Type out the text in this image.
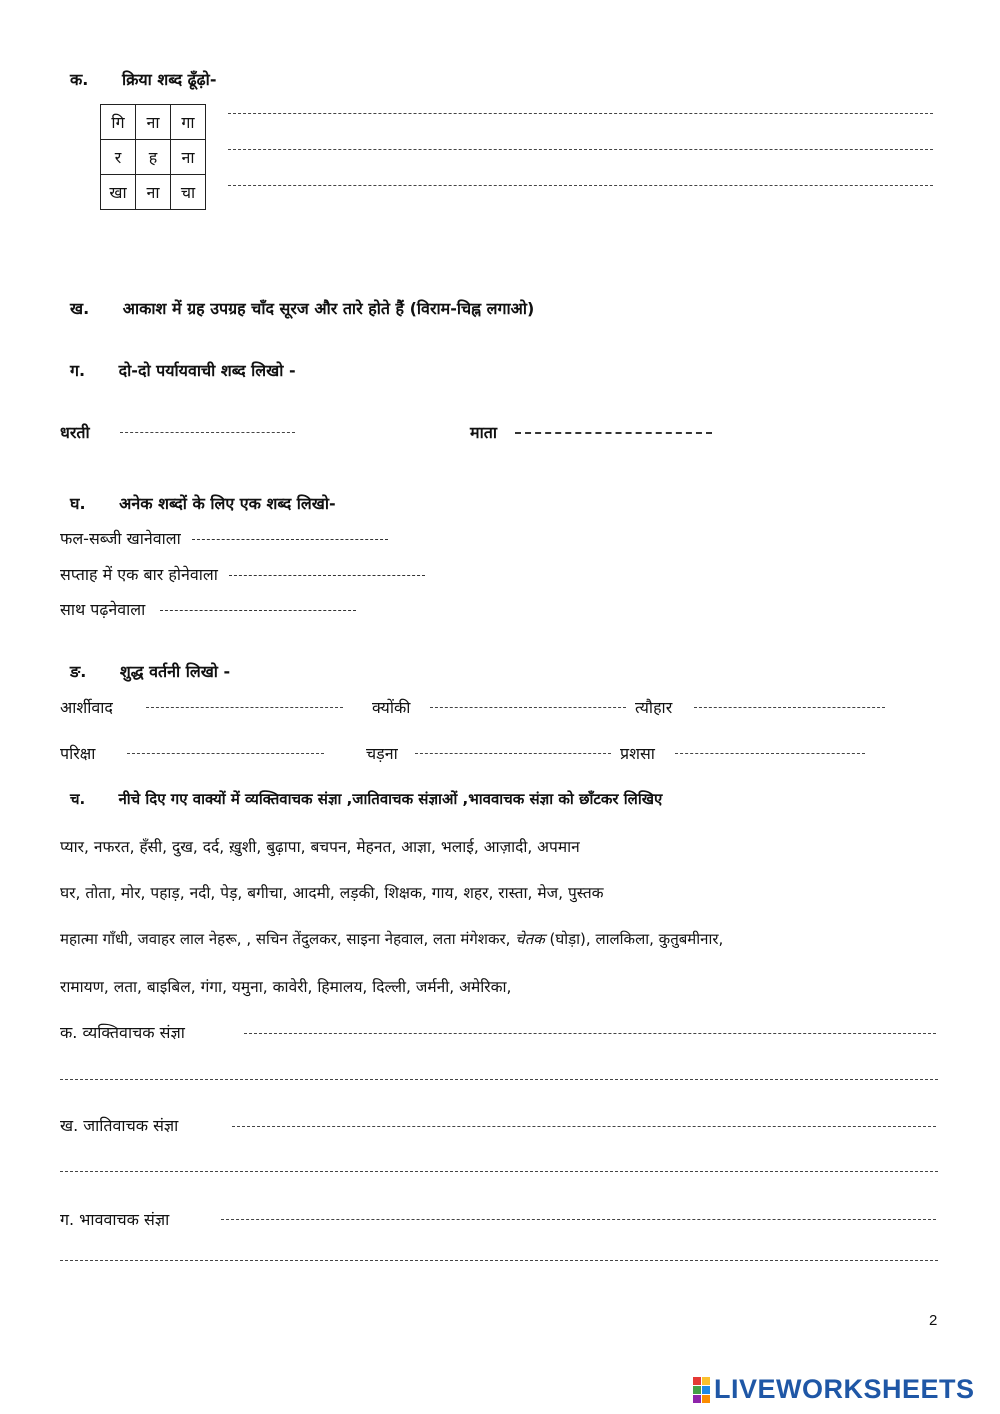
क. क्रिया शब्द ढूँढ़ो-
गि	ना	गा
र	ह	ना
खा	ना	चा
ख. आकाश में ग्रह उपग्रह चाँद सूरज और तारे होते हैं (विराम-चिह्न लगाओ)
ग. दो-दो पर्यायवाची शब्द लिखो -
धरती	माता
घ. अनेक शब्दों के लिए एक शब्द लिखो-
फल-सब्जी खानेवाला
सप्ताह में एक बार होनेवाला
साथ पढ़नेवाला
ङ. शुद्ध वर्तनी लिखो -
आर्शीवाद	क्योंकी	त्यौहार
परिक्षा	चड़ना	प्रशसा
च. नीचे दिए गए वाक्यों में व्यक्तिवाचक संज्ञा ,जातिवाचक संज्ञाओं ,भाववाचक संज्ञा को छाँटकर लिखिए
प्यार, नफरत, हँसी, दुख, दर्द, ख़ुशी, बुढ़ापा, बचपन, मेहनत, आज्ञा, भलाई, आज़ादी, अपमान
घर, तोता, मोर, पहाड़, नदी, पेड़, बगीचा, आदमी, लड़की, शिक्षक, गाय, शहर, रास्ता, मेज, पुस्तक
महात्मा गाँधी, जवाहर लाल नेहरू, , सचिन तेंदुलकर, साइना नेहवाल, लता मंगेशकर, चेतक (घोड़ा), लालकिला, कुतुबमीनार,
रामायण, लता, बाइबिल, गंगा, यमुना, कावेरी, हिमालय, दिल्ली, जर्मनी, अमेरिका,
क. व्यक्तिवाचक संज्ञा
ख. जातिवाचक संज्ञा
ग. भाववाचक संज्ञा
2
LIVEWORKSHEETS
